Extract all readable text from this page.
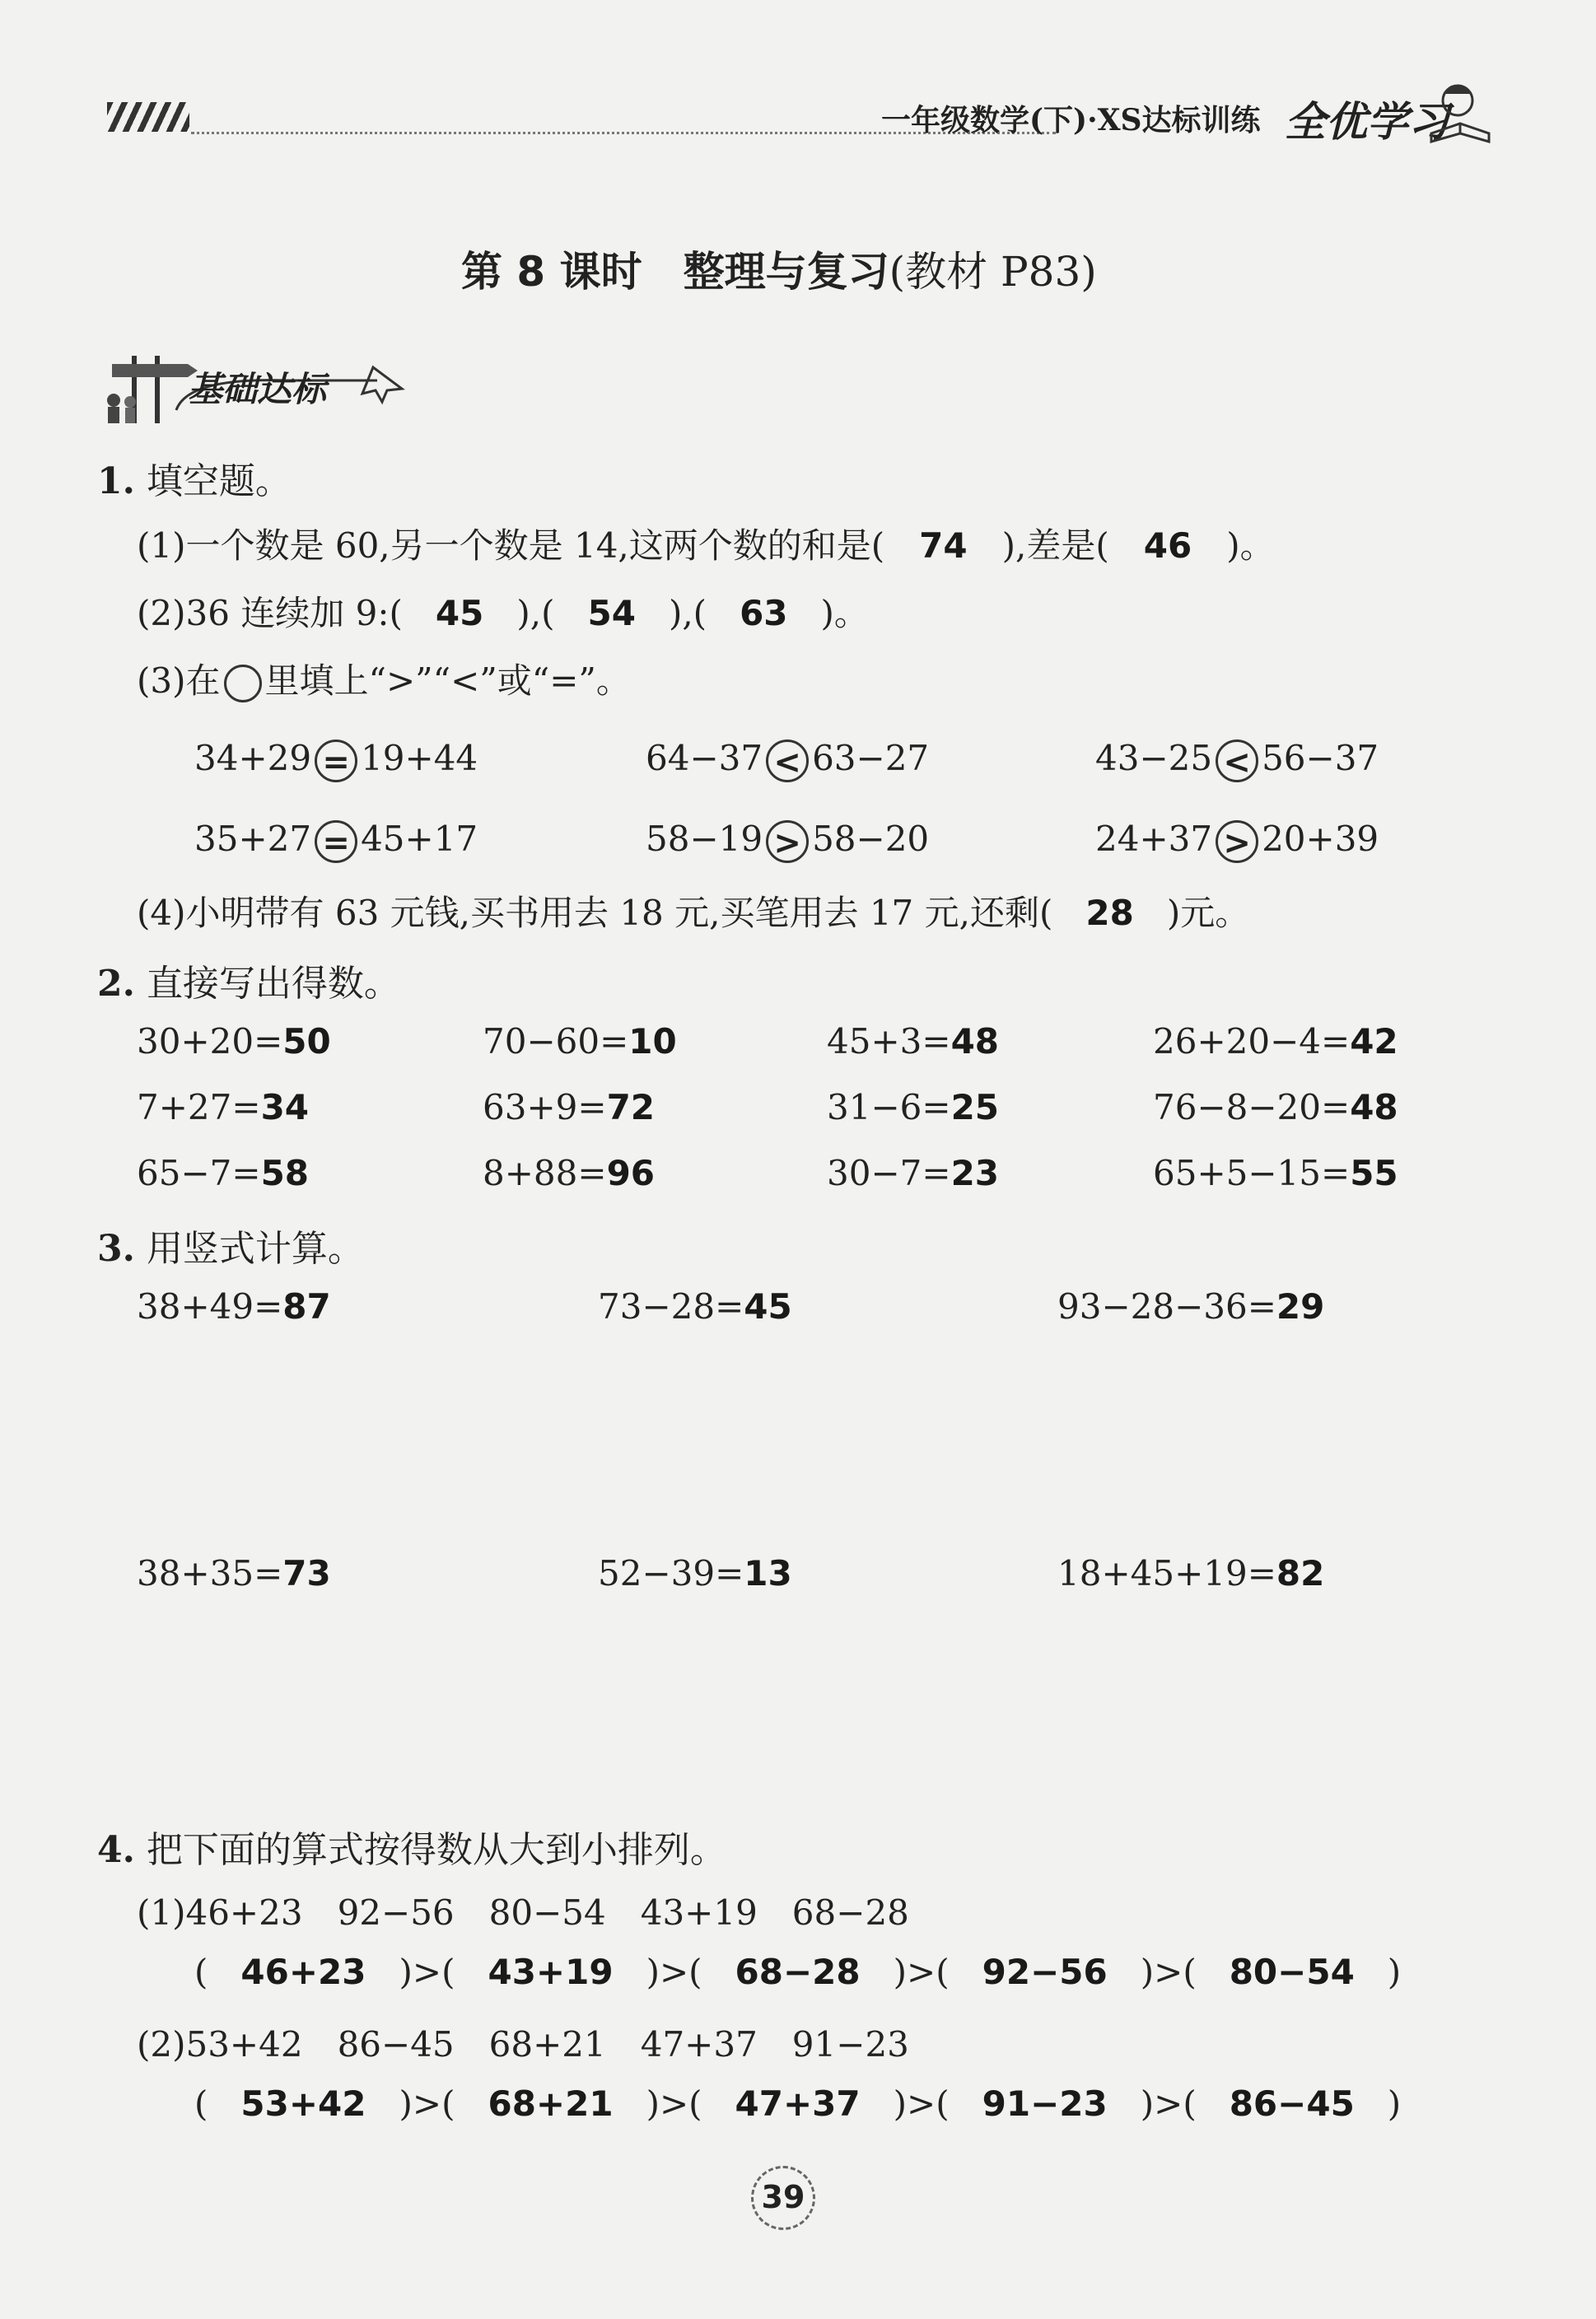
一年级数学(下)·XS达标训练 全优学习
第 8 课时　整理与复习(教材 P83)
基础达标
1. 填空题。
(1)一个数是 60,另一个数是 14,这两个数的和是( 74 ),差是( 46 )。
(2)36 连续加 9:( 45 ),( 54 ),( 63 )。
(3)在 里填上“>”“<”或“=”。
34+29 = 19+44	64−37 < 63−27	43−25 < 56−37
35+27 = 45+17	58−19 > 58−20	24+37 > 20+39
(4)小明带有 63 元钱,买书用去 18 元,买笔用去 17 元,还剩( 28 )元。
2. 直接写出得数。
30+20=50	70−60=10	45+3=48	26+20−4=42
7+27=34	63+9=72	31−6=25	76−8−20=48
65−7=58	8+88=96	30−7=23	65+5−15=55
3. 用竖式计算。
38+49=87	73−28=45	93−28−36=29
38+35=73	52−39=13	18+45+19=82
4. 把下面的算式按得数从大到小排列。
(1)46+23　92−56　80−54　43+19　68−28
( 46+23 )>( 43+19 )>( 68−28 )>( 92−56 )>( 80−54 )
(2)53+42　86−45　68+21　47+37　91−23
( 53+42 )>( 68+21 )>( 47+37 )>( 91−23 )>( 86−45 )
39
